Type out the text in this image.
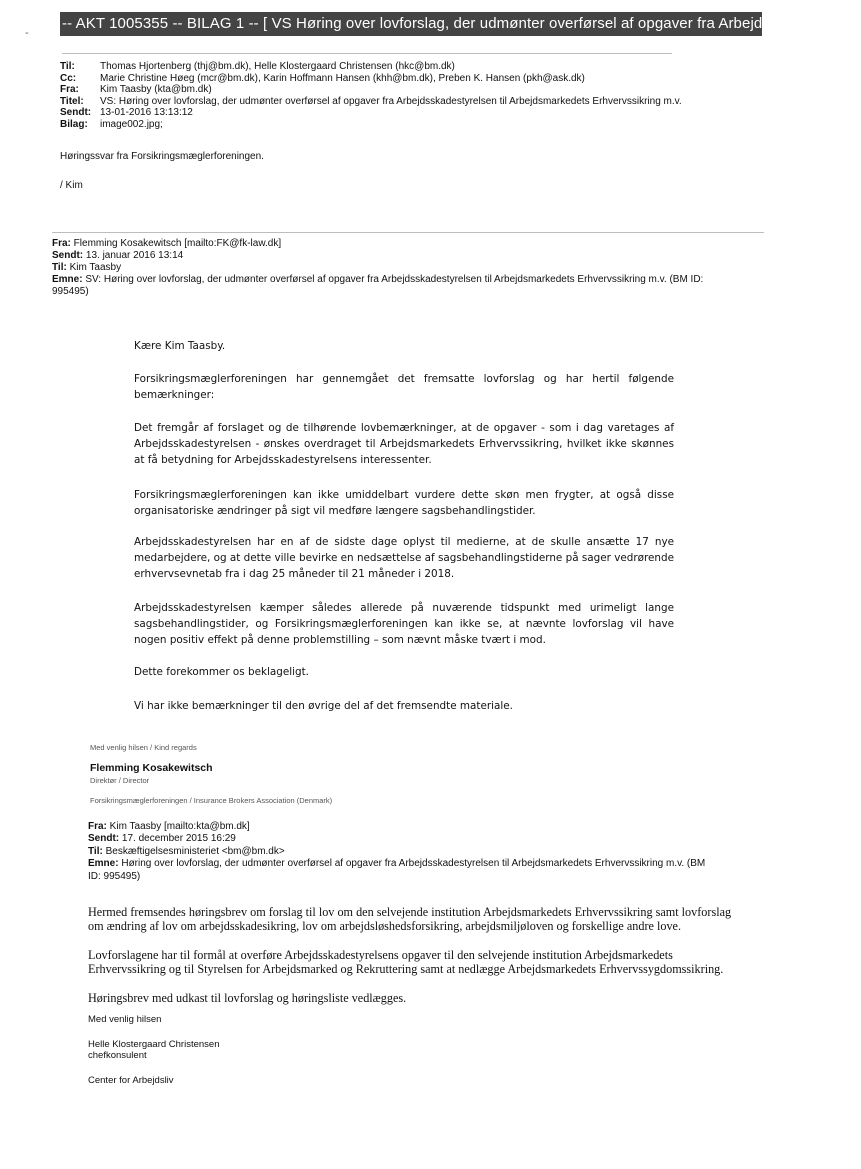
-- AKT 1005355 -- BILAG 1 -- [ VS Høring over lovforslag, der udmønter overførsel af opgaver fra Arbejdsskadestyr... --
-
Til:	Thomas Hjortenberg (thj@bm.dk), Helle Klostergaard Christensen (hkc@bm.dk)
Cc:	Marie Christine Høeg (mcr@bm.dk), Karin Hoffmann Hansen (khh@bm.dk), Preben K. Hansen (pkh@ask.dk)
Fra:	Kim Taasby (kta@bm.dk)
Titel:	VS: Høring over lovforslag, der udmønter overførsel af opgaver fra Arbejdsskadestyrelsen til Arbejdsmarkedets Erhvervssikring m.v.
Sendt: 13-01-2016 13:13:12
Bilag:	image002.jpg;
Høringssvar fra Forsikringsmæglerforeningen.
/ Kim
Fra: Flemming Kosakewitsch [mailto:FK@fk-law.dk]
Sendt: 13. januar 2016 13:14
Til: Kim Taasby
Emne: SV: Høring over lovforslag, der udmønter overførsel af opgaver fra Arbejdsskadestyrelsen til Arbejdsmarkedets Erhvervssikring m.v. (BM ID:
995495)

Kære Kim Taasby.

Forsikringsmæglerforeningen har gennemgået det fremsatte lovforslag og har hertil følgende bemærkninger:

Det fremgår af forslaget og de tilhørende lovbemærkninger, at de opgaver - som i dag varetages af Arbejdsskadestyrelsen - ønskes overdraget til Arbejdsmarkedets Erhvervssikring, hvilket ikke skønnes at få betydning for Arbejdsskadestyrelsens interessenter.

Forsikringsmæglerforeningen kan ikke umiddelbart vurdere dette skøn men frygter, at også disse organisatoriske ændringer på sigt vil medføre længere sagsbehandlingstider.

Arbejdsskadestyrelsen har en af de sidste dage oplyst til medierne, at de skulle ansætte 17 nye medarbejdere, og at dette ville bevirke en nedsættelse af sagsbehandlingstiderne på sager vedrørende erhvervsevnetab fra i dag 25 måneder til 21 måneder i 2018.

Arbejdsskadestyrelsen kæmper således allerede på nuværende tidspunkt med urimeligt lange sagsbehandlingstider, og Forsikringsmæglerforeningen kan ikke se, at nævnte lovforslag vil have nogen positiv effekt på denne problemstilling – som nævnt måske tvært i mod.

Dette forekommer os beklageligt.

Vi har ikke bemærkninger til den øvrige del af det fremsendte materiale.

Med venlig hilsen / Kind regards
Flemming Kosakewitsch
Direktør / Director
Forsikringsmæglerforeningen / Insurance Brokers Association (Denmark)
Fra: Kim Taasby [mailto:kta@bm.dk]
Sendt: 17. december 2015 16:29
Til: Beskæftigelsesministeriet <bm@bm.dk>
Emne: Høring over lovforslag, der udmønter overførsel af opgaver fra Arbejdsskadestyrelsen til Arbejdsmarkedets Erhvervssikring m.v. (BM
ID: 995495)

Hermed fremsendes høringsbrev om forslag til lov om den selvejende institution Arbejdsmarkedets Erhvervssikring samt lovforslag om ændring af lov om arbejdsskadesikring, lov om arbejdsløshedsforsikring, arbejdsmiljøloven og forskellige andre love.

Lovforslagene har til formål at overføre Arbejdsskadestyrelsens opgaver til den selvejende institution Arbejdsmarkedets Erhvervssikring og til Styrelsen for Arbejdsmarked og Rekruttering samt at nedlægge Arbejdsmarkedets Erhvervssygdomssikring.

Høringsbrev med udkast til lovforslag og høringsliste vedlægges.

Med venlig hilsen
Helle Klostergaard Christensen
chefkonsulent
Center for Arbejdsliv
